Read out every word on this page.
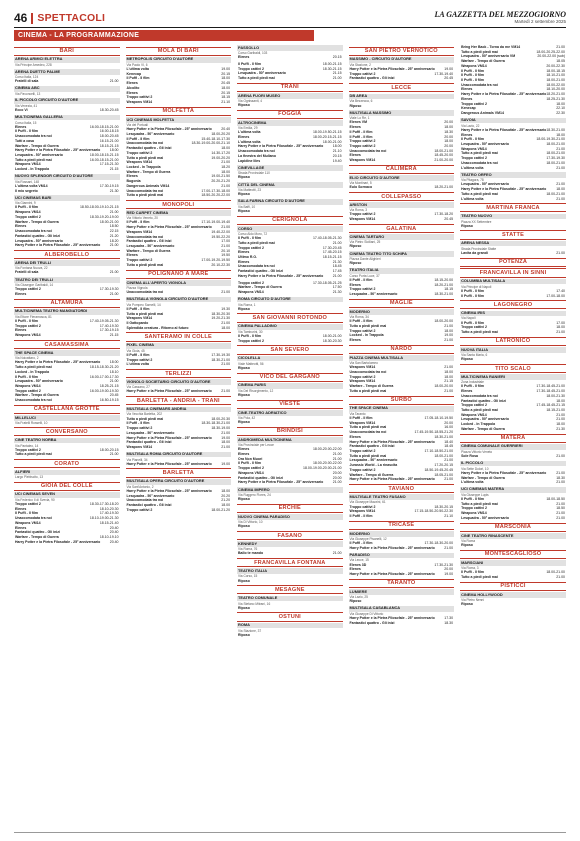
46 SPETTACOLI	LA GAZZETTA DEL MEZZOGIORNO
Martedì 2 settembre 2025
CINEMA - LA PROGRAMMAZIONE
BARI
ARENA ARMICI ELETTRA
Via Principe Amedeo, 228
ARENA DUETTO PALME
Corso Italia, 124
Fratelli di sala	21.00
CINEMA ABC
Via Pavoncelli, 13
IL PICCOLO CIRCUITO D'AUTORE
Via Venezia, 41
Ecco Vi	18.30-20.45
MULTICINEMA GALLERIA
Corso Italia, 15
Elenes	16.00-18.15-21.00
Il Puffi - Il film	16.00-18.15
Unaccomodata tra noi	18.00-20.45
Tutti a casa	16.15-21.00
Warfare - Tempo di Guerra	18.15-21.15
Harry Potter e la Pietra Filosofale - 25° anniversario	18.00
Lesquadra - 50° anniversario	18.00-18.15-21.15
Tutto a piedi piedi mai	16.00-18.15-21.00
Weapons VM14	17.15-21.30
Locked - In Trappola	21.15
NUOVO SPLENDOR CIRCUITO D'AUTORE
Via Rossani, 148
L'ultima volta VM14	17.30-19.15
Il mio segreto	21.30
UCI CINEMAS BARI
Via Giannini, 9
Il Puffi - Il film	18.50-18.00-19.10-21.15
Weapons VM14	21.00
Troppo cattivi 2	18.30-19.20-19.00
Warfare - Tempo di Guerra	18.00-21.00
Elenes	18.50
Unaccomodata tra noi	22.15
Fantastici quattro - Gli inizi	21.20
Lesquadra - 50° anniversario	18.20
Harry Potter e la Pietra Filosofale - 25° anniversario	21.00
ALBEROBELLO
ARENA DEI TRULLI
Via Fontana Nuova, 22
Fratelli di sala	21.00
TEATRO DEI TRULLI
Via Giuseppe Garibaldi, 14
Troppo cattivi 2	17.30-19.30
Elenes	21.00
ALTAMURA
MULTICINEMA TEATRO MANGIATORDI
Via Ettore Fieramosca, 81
Il Puffi - Il film	17.40-19.05-21.30
Troppo cattivi 2	17.40-19.30
Elenes	17.30-19.15
Weapons VM14	21.15
CASAMASSIMA
THE SPACE CINEMA
Via Noicattaro, 2
Harry Potter e la Pietra Filosofale - 25° anniversario	18.00
Tutto a piedi piedi mai	18.15-18.30-21.20
Locked - In Trappola	18.10
Il Puffi - Il film	16.00-17.00-17.30
Lesquadra - 50° anniversario	21.00
Weapons VM14	18.25-21.15
Troppo cattivi 2	16.00-19.00-19.30
Warfare - Tempo di Guerra	20.45
Unaccomodata tra noi	16.50-19.15
CASTELLANA GROTTE
MILLELUCI
Via Fratelli Rosselli, 10
CONVERSANO
CINE TEATRO NORBA
Via Pantaleo, 14
Troppo cattivi 2	18.00-20.15
Tutto a piedi piedi mai	21.00
CORATO
ALFIERI
Largo Plebiscito, 13
GIOIA DEL COLLE
UCI CINEMAS SEVEN
Via Federico II di Svevia, 90
Troppo cattivi 2	18.30-17.30-18.20
Elenes	18.10-20.30
Il Puffi - Il film	17.40-19.30
Unaccomodata tra noi	18.10-19.00-21.30
Weapons VM14	18.15-21.40
Elenes	20.40
Fantastici quattro - Gli inizi	20.40
Warfare - Tempo di Guerra	18.10-19.10
Harry Potter e la Pietra Filosofale - 25° anniversario	20.40
MOLA DI BARI
METROPOLIS CIRCUITO D'AUTORE
Via Paolo VI, 6
L'ultima volta	19.00
Kenecap	20.15
Il Puffi - Il film	18.00
Elenes	20.45
Alcolito	18.00
Elenes	20.15
Troppo cattivi 2	18.15
Weapons VM14	21.10
MOLFETTA
UCI CINEMAS MOLFETTA
Via dei Portuali
Harry Potter e la Pietra Filosofale - 25° anniversario	20.40
Lesquadra - 50° anniversario	18.00-20.20
Il Puffi - Il film	15.40-18.10-17.30
Unaccomodata tra noi	18.30-19.00-20.00-21.10
Fantastici quattro - Gli inizi	18.00
Troppo cattivi 2	14.30-17.20
Tutto a piedi piedi mai	19.00-20.20
Weapons VM14	21.00
Locked - In Trappola	18.20
Warfare - Tempo di Guerra	18.00
Elenes	19.00-21.50
Bugonia	20.20-21.20
Dangerous Animals VM14	21.00
Unaccomodata tra noi	17.00-17.30-18.00
Tutto a piedi piedi mai	18.50-20.20-22.00
MONOPOLI
RED CARPET CINEMA
Via Vittorio Veneto, 20
Il Puffi - Il film	17.10-19.00-19.40
Harry Potter e la Pietra Filosofale - 25° anniversario	21.00
Weapons VM14	19.40-22.00
Unaccomodata tra noi	19.50-22.20
Fantastici quattro - Gli inizi	17.00
Lesquadra - 50° anniversario	21.00
Warfare - Tempo di Guerra	20.10
Elenes	19.50
Troppo cattivi 2	17.00-19.20-19.50
Tutto a piedi piedi mai	20.10-22.30
POLIGNANO A MARE
CINEMA ALL'APERTO VIGNOLA
Piazza Vignola
Unaccomodata tra noi	21.00
MULTISALA VIGNOLA CIRCUITO D'AUTORE
Via Pompeo Sarnelli, 14
Il Puffi - Il film	19.30
Tutto a piedi piedi mai	18.30-20.30
Weapons VM14	19.20-21.30
Il Gattopardo	21.00
Splendida creatura - Ritorno al futuro	18.00
SANTERAMO IN COLLE
PIXEL CINEMA
Via Gioia, 45
Il Puffi - Il film	17.30-19.30
Troppo cattivi 2	18.30-21.00
L'ultima volta	21.00
TERLIZZI
VIGNOLO SOCIETARIO CIRCUITO D'AUTORE
Via Cassano, 27
Harry Potter e la Pietra Filosofale - 25° anniversario	21.00
BARLETTA - ANDRIA - TRANI
MULTISALA CINEMARS ANDRIA
Via Vecchia Barletta, 202
Tutto a piedi piedi mai	18.00-20.30
Il Puffi - Il film	18.30-18.30-21.00
Troppo cattivi 2	18.30-19.00
Lesquadra - 50° anniversario	21.00
Harry Potter e la Pietra Filosofale - 25° anniversario	19.00
Fantastici quattro - Gli inizi	18.00
Weapons VM14	21.00
MULTISALA ROMA CIRCUITO D'AUTORE
Via Pianelli, 34
Harry Potter e la Pietra Filosofale - 25° anniversario	19.00
BARLETTA
MULTISALA OPERA CIRCUITO D'AUTORE
Via Sant'Antonio, 2
Harry Potter e la Pietra Filosofale - 25° anniversario	18.00
Lesquadra - 50° anniversario	20.20
Unaccomodata tra noi	21.20
Fantastici quattro - Gli inizi	18.00
Troppo cattivi 2	18.00-21.20
PASSOLLO
Corso Garibaldi, 103
Elenes	20.15
Il Puffi - Il film	18.00-21.15
Troppo cattivi 2	18.30-21.15
Lesquadra - 50° anniversario	21.15
Tutto a piedi piedi mai	21.00
TRANI
ARENA FUORI MUSEO
Via Ognissanti, 4
Riposo
FOGGIA
ALTROCINEMA
Via Emilia, 29
L'ultima volta	18.00-19.50-21.15
Elenes	18.00-20.15-21.15
L'ultima volta	18.00-21.00
Harry Potter e la Pietra Filosofale - 25° anniversario	18.00
Unaccomodata tra noi	21.10
La finestra del Muliano	20.15
Lapidine liles	19.40
CINEVILLAGE
Strada Provinciale 110
Riposo
CITTÀ DEL CINEMA
Via Matteotti, 23
Riposo
SALA FARINA CIRCUITO D'AUTORE
Via Baffi, 10
Riposo
CERIGNOLA
CORSO
Corso Aldo Moro, 72
Il Puffi - Il film	17.40-18.05-21.30
Tutto a piedi piedi mai	21.00
Troppo cattivi 2	17.30-20.45
Elenes	17.45-20.15
Ultimo R.O.	18.15-21.15
Elenes	21.30
Unaccomodata tra noi	18.45
Fantastici quattro - Gli inizi	17.45
Harry Potter e la Pietra Filosofale - 25° anniversario	21.00
Troppo cattivi 2	17.30-18.05-21.25
Warfare - Tempo di Guerra	17.50
Weapons VM14	21.30
ROMA CIRCUITO D'AUTORE
Via Roma, 1
Riposo
SAN GIOVANNI ROTONDO
CINEMA PALLADINO
Via Tamburini, 30
Il Puffi - Il film	18.00-21.00
Troppo cattivi 2	18.30-20.30
SAN SEVERO
CICOLELLA
Viale Matteotti, 56
Riposo
VICO DEL GARGANO
CINEMA PARIS
Via Del Risorgimento, 12
Riposo
VIESTE
CINE-TEATRO ADRIATICO
Via Pola, 42
Riposo
BRINDISI
ANDROMEDA MULTICINEMA
Via Provinciale per Lecce
Elenes	18.00-20.00-22.00
Elenes	21.00
Ora Non Muori	21.00
Il Puffi - Il film	18.00-20.00-22.00
Troppo cattivi 2	18.00-19.00-20.00-21.00
Weapons VM14	20.00
Fantastici quattro - Gli inizi	20.00
Harry Potter e la Pietra Filosofale - 25° anniversario	21.00
CINEMA IMPERO
Via Ruggero Flores, 24
Riposo
ERCHIE
NUOVO CINEMA PARADISO
Via Di Vittorio, 10
Riposo
FASANO
KENNEDY
Via Roma, 76
Ballo te mando	21.00
FRANCAVILLA FONTANA
TEATRO ITALIA
Via Corso, 15
Riposo
MESAGNE
TEATRO COMUNALE
Via Stefano Mitrani, 16
Riposo
OSTUNI
ROMA
Via Stazione, 37
Riposo
SAN PIETRO VERNOTICO
MASSIMO - CIRCUITO D'AUTORE
Via Stazione, 2
Harry Potter e la Pietra Filosofale - 25° anniversario	19.00
Troppo cattivi 2	17.30-19.40
Fantastici quattro - Gli inizi	20.45
LECCE
DB AREA
Via Bezzecca, 6
Riposo
MULTISALA MASSIMO
Viale Lo Re, 1
Elenes VM	20.00
Elenes	18.00
Il Puffi - Il film	18.30
Il Puffi - Il film	20.00
Troppo cattivi 2	18.00
Troppo cattivi 2	20.00
Unaccomodata tra noi	18.00-21.00
Elenes	18.45-20.00
Weapons VM14	21.00-20.00
CALIMERA
ELIO CIRCUITO D'AUTORE
Via Montinari, 5
Eulo Sornaco	18.20-21.00
COLLEPASSO
ARISTON
Via Roma, 3
Troppo cattivi 2	17.30-18.20
Weapons VM14	20.45
GALATINA
CINEMA TARTARO
Via Pietro Siciliani, 25
Riposo
CINEMA TEATRO TITO SCHIPA
Piazza Dante Alighieri
Riposo
TEATRO ITALIA
Corso Porta Luce, 37
Il Puffi - Il film	18.15-20.00
Elenes	18.20-21.00
Troppo cattivi 2	18.15
Lesquadra - 50° anniversario	18.30-21.00
MAGLIE
MODERNO
Via Roma, 34
Il Puffi - Il film	18.00-20.00
Tutto a piedi piedi mai	21.00
Troppo cattivi 2	18.00
Locked - In Trappola	19.00
Elenes	21.00
NARDÒ
PIAZZA CINEMA MULTISALA
Via San Bartolomeo
Weapons VM14	21.00
Unaccomodata tra noi	18.00
Troppo cattivi 2	18.00
Weapons VM14	21.15
Warfare - Tempo di Guerra	18.00-20.00
Tutto a piedi piedi mai	21.00
SURBO
THE SPACE CINEMA
Via Taranto
Il Puffi - Il film	17.05-18.10-19.50
Weapons VM14	20.00
Tutto a piedi piedi mai	16.00
Unaccomodata tra noi	17.45-19.50-18.55-21.20
Elenes	18.30-21.00
Harry Potter e la Pietra Filosofale - 25° anniversario	18.40
Fantastici quattro - Gli inizi	18.45
Troppo cattivi 2	17.10-18.50-21.00
Tutto a piedi piedi mai	18.00-21.00
Lesquadra - 50° anniversario	21.00
Jurassic World - La rinascita	17.20-20.15
Troppo cattivi 2	18.50-19.45-20.45
Warfare - Tempo di Guerra	18.05-21.00
Harry Potter e la Pietra Filosofale - 25° anniversario	21.00
TAVIANO
MULTISALE TEATRO FASANO
Via Giuseppe Mazzini, 61
Troppo cattivi 2	18.30-20.15
Weapons VM14	17.15-18.50-20.50-22.30
Il Puffi - Il film	21.10
TRICASE
MODERNO
Via Giuseppe Pisanelli, 12
Il Puffi - Il film	17.30-18.30-20.00
Harry Potter e la Pietra Filosofale - 25° anniversario	21.00
PARADISO
Via Lecce, 15
Elenes 3D	17.30-21.30
Elenes	20.00
Harry Potter e la Pietra Filosofale - 25° anniversario	19.00
TARANTO
LUMIERE
Via Lazio, 25
Riposo
MULTISALA CASABLANCA
Via Giuseppe Di Vittorio
Harry Potter e la Pietra Filosofale - 25° anniversario	17.30
Fantastici quattro - Gli inizi	18.30
Bring Her Back - Torna da me VM14	21.00
Tutto a piedi piedi mai	18.00-20.25-22.00
Lesquadra - 50° anniversario VM	20.00-22.00 (sub)
Warfare - Tempo di Guerra	18.05
Weapons VM14	20.00-22.30
Il Puffi - Il film	18.00-18.15
Il Puffi - Il film	18.10-21.00
Il Puffi - Il film	18.00-21.00
Unaccomodata tra noi	18.00-22.00
Elenes	18.10-20.00
Harry Potter e la Pietra Filosofale - 25° anniversario 18.20-21.00
Elenes	18.25-21.30
Troppo cattivi 2	18.00
Kenecap	22.10
Dangerous Animals VM14	22.30
SAVOIA
Via Lazio, 22
Harry Potter e la Pietra Filosofale - 25° anniversario 18.30-21.00
Elenes	18.00
Il Puffi - Il film	18.00-19.30-21.00
Lesquadra - 50° anniversario	18.00-21.00
Weapons VM14	21.00
Tutto a piedi piedi mai	18.00-21.00
Troppo cattivi 2	17.30-19.30
Unaccomodata tra noi	18.00-21.00
L'ultima volta	21.00
TEATRO ORFEO
Via Pitagora, 78
Lesquadra - 50° anniversario	21.00
Harry Potter e la Pietra Filosofale - 25° anniversario	18.00
Tutto a piedi piedi mai	18.00-21.00
L'ultima volta	21.00
MARTINA FRANCA
TEATRO NUOVO
Piazza XX Settembre
Riposo
STATTE
ARENA NESSA
Strada Provinciale Statte
Lavita da grandi	21.00
POTENZA
FRANCAVILLA IN SINNI
COLUMBIA MULTISALA
Via Principe di Napoli
Il Puffi - Il film	17.40
Il Puffi - Il film	17.00-18.00
LAGONEGRO
CINEMA IRIS
Via Napoli
Il Puffi - Il film	17.00
Troppo cattivi 2	18.00
Tutto a piedi piedi mai	21.00
LATRONICO
NUOVA ITALIA
Via Santa Maria, 6
Riposo
TITO SCALO
MULTICINEMA RANIERI
Zona Industriale
Il Puffi - Il film	17.30-18.45-21.00
Elenes	17.30-18.45-21.00
Unaccomodata tra noi	18.00-21.30
Fantastici quattro - Gli inizi	18.00
Troppo cattivi 2	17.45-18.45-21.15
Tutto a piedi piedi mai	18.15-21.00
Weapons VM14	21.00
Lesquadra - 50° anniversario	21.00
Locked - In Trappola	18.00
Warfare - Tempo di Guerra	21.30
MATERA
CINEMA COMUNALE GUERRIERI
Piazza Vittorio Veneto
Sole Rosa	21.00
IL PICCOLO
Via Sette Dolori, 10
Harry Potter e la Pietra Filosofale - 25° anniversario	21.00
Warfare - Tempo di Guerra	18.30
L'ultima volta	21.00
UCI CINEMAS MATERA
Via Giuseppe Lupis
Il Puffi - Il film	18.00-18.50
Tutto a piedi piedi mai	21.00
Troppo cattivi 2	18.50
Weapons VM14	21.00
Lesquadra - 50° anniversario	21.00
MARSCONIA
CINE TEATRO RINASCENTE
Via Roma
Riposo
MONTESCAGLIOSO
MARSCIANI
Via Roma, 3
Il Puffi - Il film	18.00-21.00
Tutto a piedi piedi mai	21.00
PISTICCI
CINEMA HOLLYWOOD
Via Pietro Nenni
Riposo
